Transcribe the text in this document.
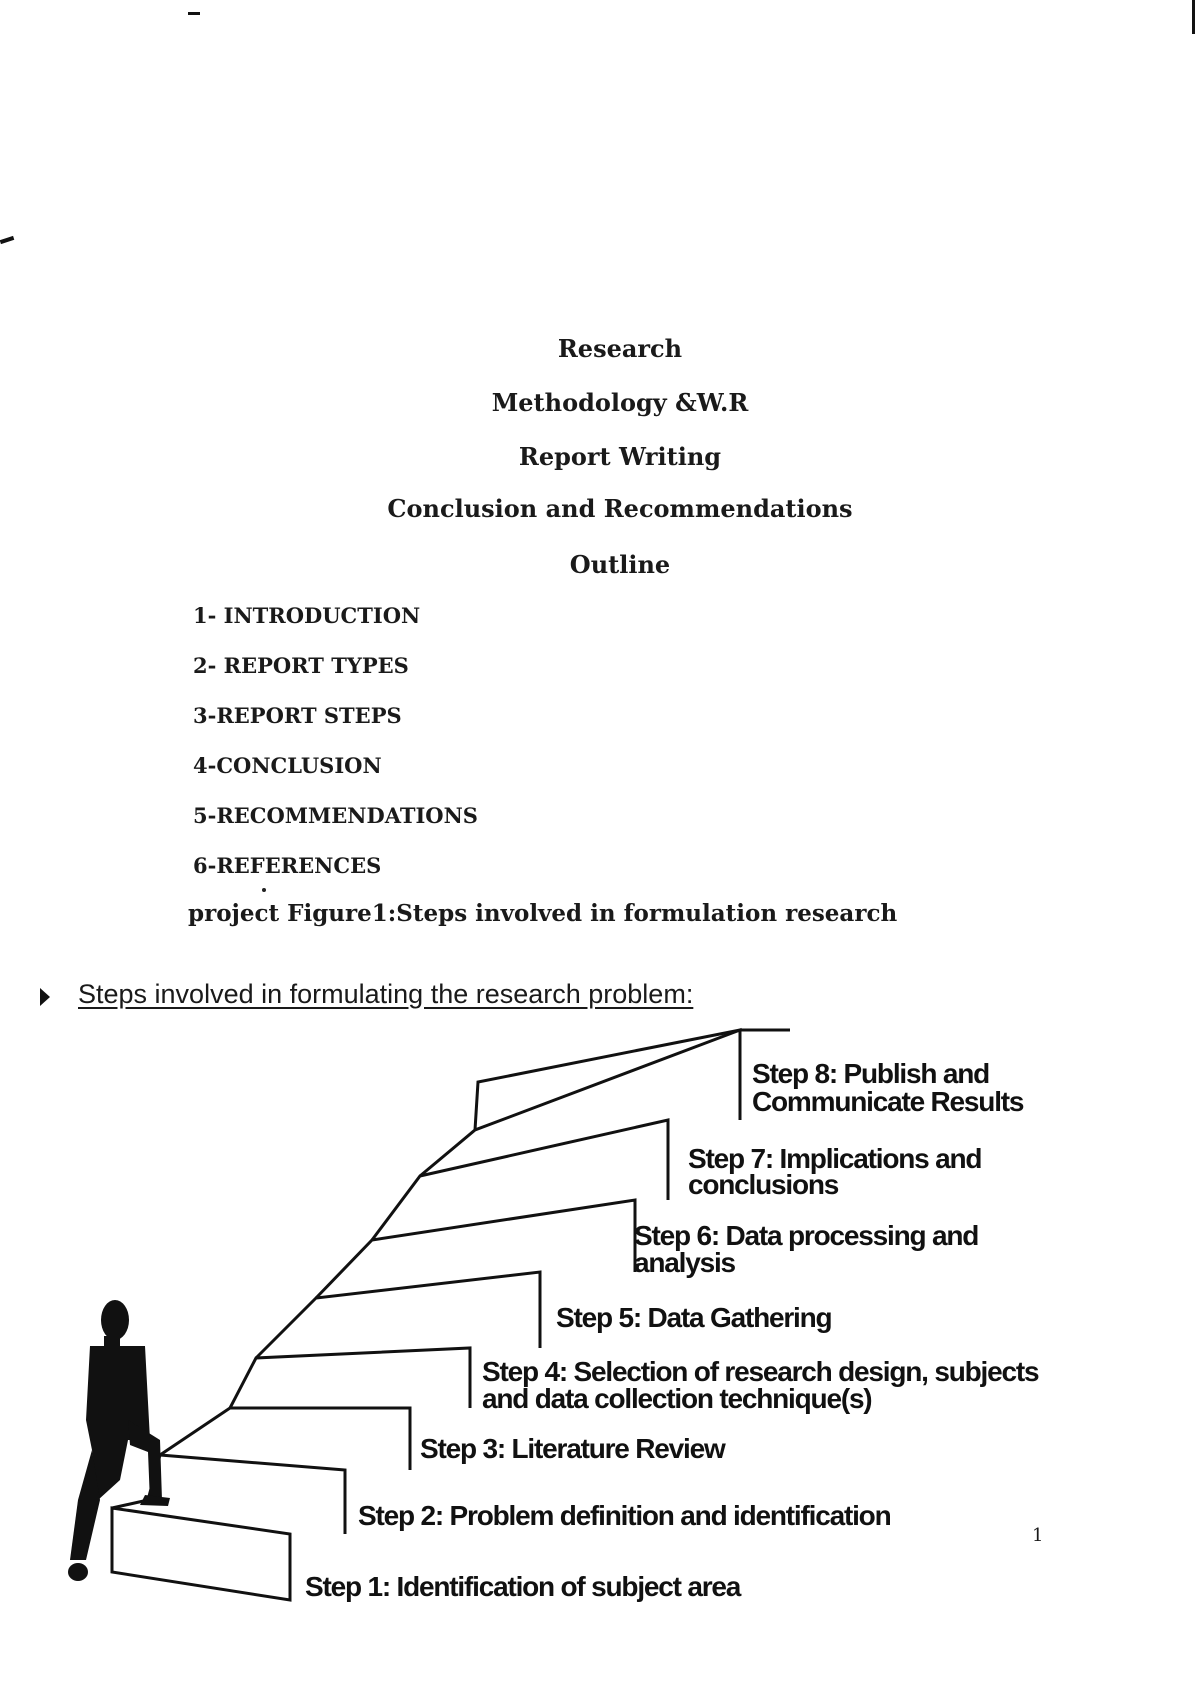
Research
Methodology &W.R
Report Writing
Conclusion and Recommendations
Outline

1- INTRODUCTION

2- REPORT TYPES

3-REPORT STEPS

4-CONCLUSION

5-RECOMMENDATIONS

6-REFERENCES

project Figure1:Steps involved in formulation research

Steps involved in formulating the research problem:

Step 1: Identification of subject area
Step 2: Problem definition and identification
Step 3: Literature Review
Step 4: Selection of research design, subjects
and data collection technique(s)
Step 5: Data Gathering
Step 6: Data processing and
analysis
Step 7: Implications and
conclusions
Step 8: Publish and
Communicate Results

1
